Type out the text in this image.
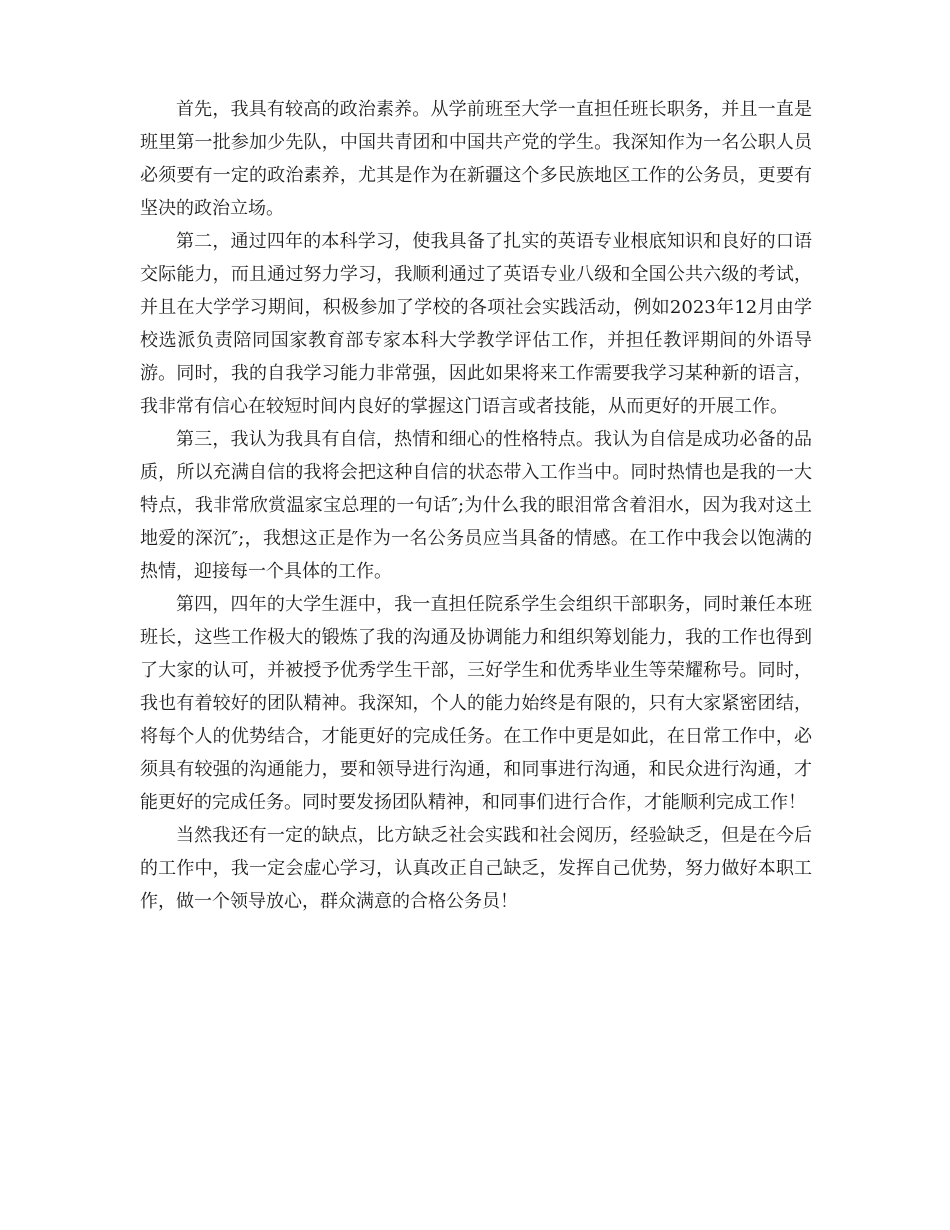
首先，我具有较高的政治素养。从学前班至大学一直担任班长职务，并且一直是班里第一批参加少先队，中国共青团和中国共产党的学生。我深知作为一名公职人员必须要有一定的政治素养，尤其是作为在新疆这个多民族地区工作的公务员，更要有坚决的政治立场。

第二，通过四年的本科学习，使我具备了扎实的英语专业根底知识和良好的口语交际能力，而且通过努力学习，我顺利通过了英语专业八级和全国公共六级的考试，并且在大学学习期间，积极参加了学校的各项社会实践活动，例如2023年12月由学校选派负责陪同国家教育部专家本科大学教学评估工作，并担任教评期间的外语导游。同时，我的自我学习能力非常强，因此如果将来工作需要我学习某种新的语言，我非常有信心在较短时间内良好的掌握这门语言或者技能，从而更好的开展工作。

第三，我认为我具有自信，热情和细心的性格特点。我认为自信是成功必备的品质，所以充满自信的我将会把这种自信的状态带入工作当中。同时热情也是我的一大特点，我非常欣赏温家宝总理的一句话″;为什么我的眼泪常含着泪水，因为我对这土地爱的深沉″;，我想这正是作为一名公务员应当具备的情感。在工作中我会以饱满的热情，迎接每一个具体的工作。

第四，四年的大学生涯中，我一直担任院系学生会组织干部职务，同时兼任本班班长，这些工作极大的锻炼了我的沟通及协调能力和组织筹划能力，我的工作也得到了大家的认可，并被授予优秀学生干部，三好学生和优秀毕业生等荣耀称号。同时，我也有着较好的团队精神。我深知，个人的能力始终是有限的，只有大家紧密团结，将每个人的优势结合，才能更好的完成任务。在工作中更是如此，在日常工作中，必须具有较强的沟通能力，要和领导进行沟通，和同事进行沟通，和民众进行沟通，才能更好的完成任务。同时要发扬团队精神，和同事们进行合作，才能顺利完成工作！

当然我还有一定的缺点，比方缺乏社会实践和社会阅历，经验缺乏，但是在今后的工作中，我一定会虚心学习，认真改正自己缺乏，发挥自己优势，努力做好本职工作，做一个领导放心，群众满意的合格公务员！
